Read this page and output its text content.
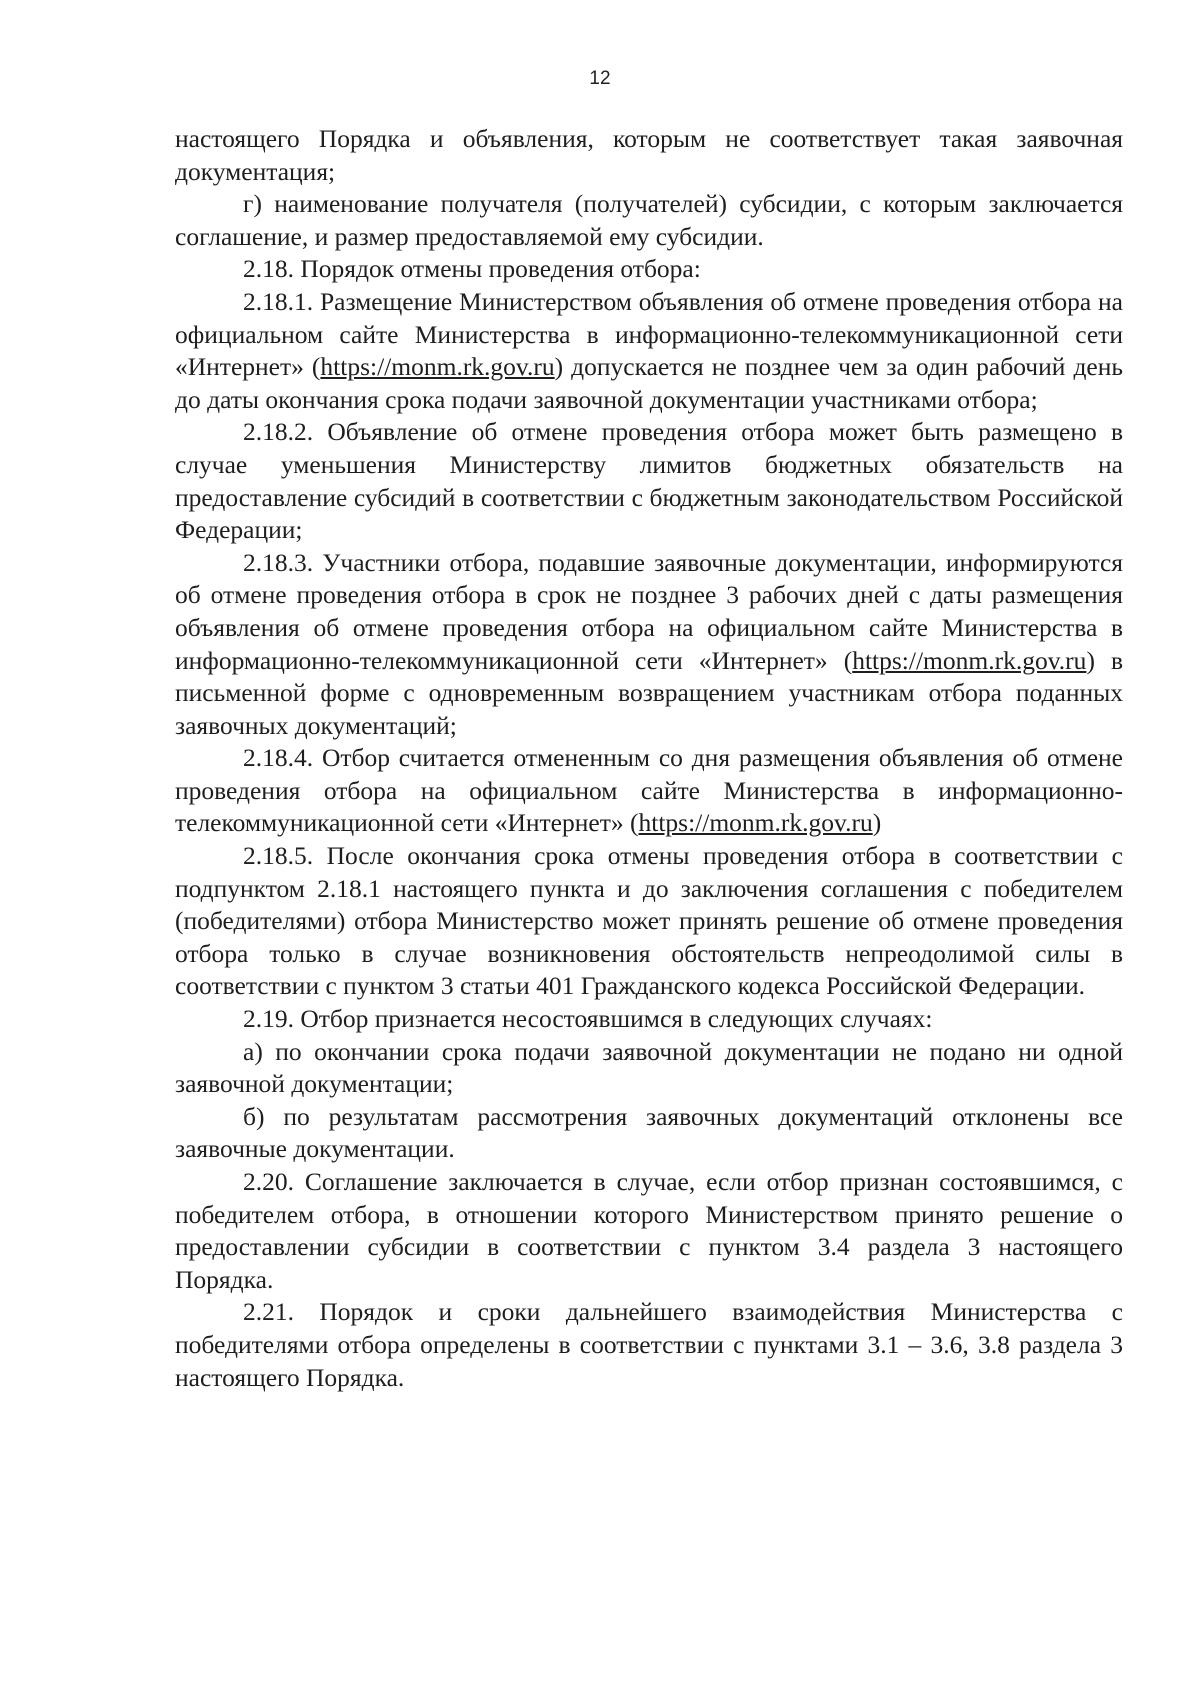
12

настоящего Порядка и объявления, которым не соответствует такая заявочная документация;

г) наименование получателя (получателей) субсидии, с которым заключается соглашение, и размер предоставляемой ему субсидии.

2.18. Порядок отмены проведения отбора:

2.18.1. Размещение Министерством объявления об отмене проведения отбора на официальном сайте Министерства в информационно-телекоммуникационной сети «Интернет» (https://monm.rk.gov.ru) допускается не позднее чем за один рабочий день до даты окончания срока подачи заявочной документации участниками отбора;

2.18.2. Объявление об отмене проведения отбора может быть размещено в случае уменьшения Министерству лимитов бюджетных обязательств на предоставление субсидий в соответствии с бюджетным законодательством Российской Федерации;

2.18.3. Участники отбора, подавшие заявочные документации, информируются об отмене проведения отбора в срок не позднее 3 рабочих дней с даты размещения объявления об отмене проведения отбора на официальном сайте Министерства в информационно-телекоммуникационной сети «Интернет» (https://monm.rk.gov.ru) в письменной форме с одновременным возвращением участникам отбора поданных заявочных документаций;

2.18.4. Отбор считается отмененным со дня размещения объявления об отмене проведения отбора на официальном сайте Министерства в информационно-телекоммуникационной сети «Интернет» (https://monm.rk.gov.ru)

2.18.5. После окончания срока отмены проведения отбора в соответствии с подпунктом 2.18.1 настоящего пункта и до заключения соглашения с победителем (победителями) отбора Министерство может принять решение об отмене проведения отбора только в случае возникновения обстоятельств непреодолимой силы в соответствии с пунктом 3 статьи 401 Гражданского кодекса Российской Федерации.

2.19. Отбор признается несостоявшимся в следующих случаях:

а) по окончании срока подачи заявочной документации не подано ни одной заявочной документации;

б) по результатам рассмотрения заявочных документаций отклонены все заявочные документации.

2.20. Соглашение заключается в случае, если отбор признан состоявшимся, с победителем отбора, в отношении которого Министерством принято решение о предоставлении субсидии в соответствии с пунктом 3.4 раздела 3 настоящего Порядка.

2.21. Порядок и сроки дальнейшего взаимодействия Министерства с победителями отбора определены в соответствии с пунктами 3.1 – 3.6, 3.8 раздела 3 настоящего Порядка.
